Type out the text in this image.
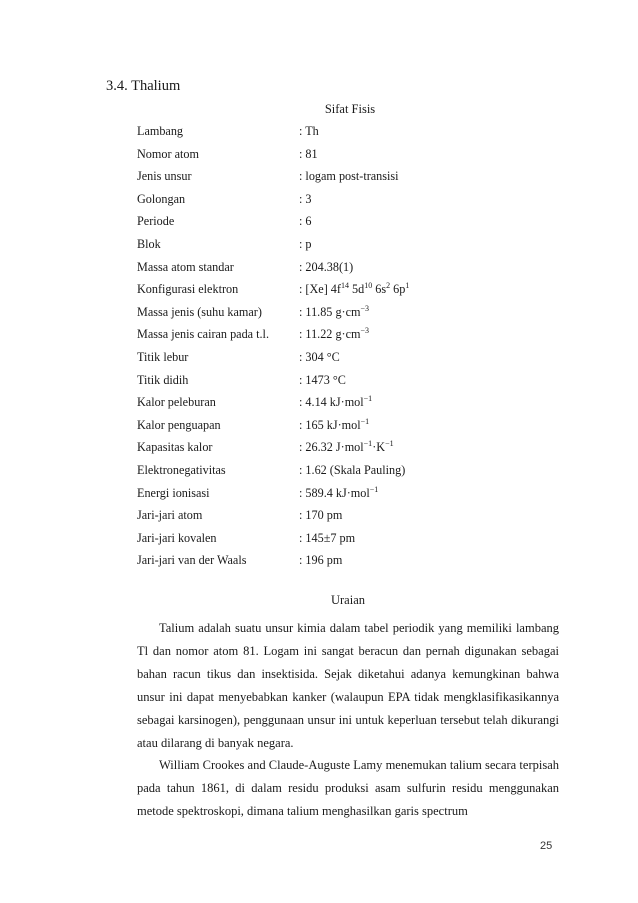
3.4. Thalium
Sifat Fisis
Lambang	: Th
Nomor atom	: 81
Jenis unsur	: logam post-transisi
Golongan	: 3
Periode	: 6
Blok	: p
Massa atom standar	: 204.38(1)
Konfigurasi elektron	: [Xe] $4f^{14}$ $5d^{10}$ $6s^2$ $6p^1$
Massa jenis (suhu kamar)	: 11.85 $g\cdot cm^{-3}$
Massa jenis cairan pada t.l. : 11.22 $g\cdot cm^{-3}$
Titik lebur	: 304 °C
Titik didih	: 1473 °C
Kalor peleburan	: 4.14 kJ·mol$^{-1}$
Kalor penguapan	: 165 kJ·mol$^{-1}$
Kapasitas kalor	: 26.32 $J\cdot mol^{-1}\cdot K^{-1}$
Elektronegativitas	: 1.62 (Skala Pauling)
Energi ionisasi	: 589.4 kJ·mol$^{-1}$
Jari-jari atom	: 170 pm
Jari-jari kovalen	: 145±7 pm
Jari-jari van der Waals	: 196 pm
Uraian

Talium adalah suatu unsur kimia dalam tabel periodik yang memiliki lambang Tl dan nomor atom 81. Logam ini sangat beracun dan pernah digunakan sebagai bahan racun tikus dan insektisida. Sejak diketahui adanya kemungkinan bahwa unsur ini dapat menyebabkan kanker (walaupun EPA tidak mengklasifikasikannya sebagai karsinogen), penggunaan unsur ini untuk keperluan tersebut telah dikurangi atau dilarang di banyak negara.

William Crookes and Claude-Auguste Lamy menemukan talium secara terpisah pada tahun 1861, di dalam residu produksi asam sulfurin residu menggunakan metode spektroskopi, dimana talium menghasilkan garis spectrum

25
